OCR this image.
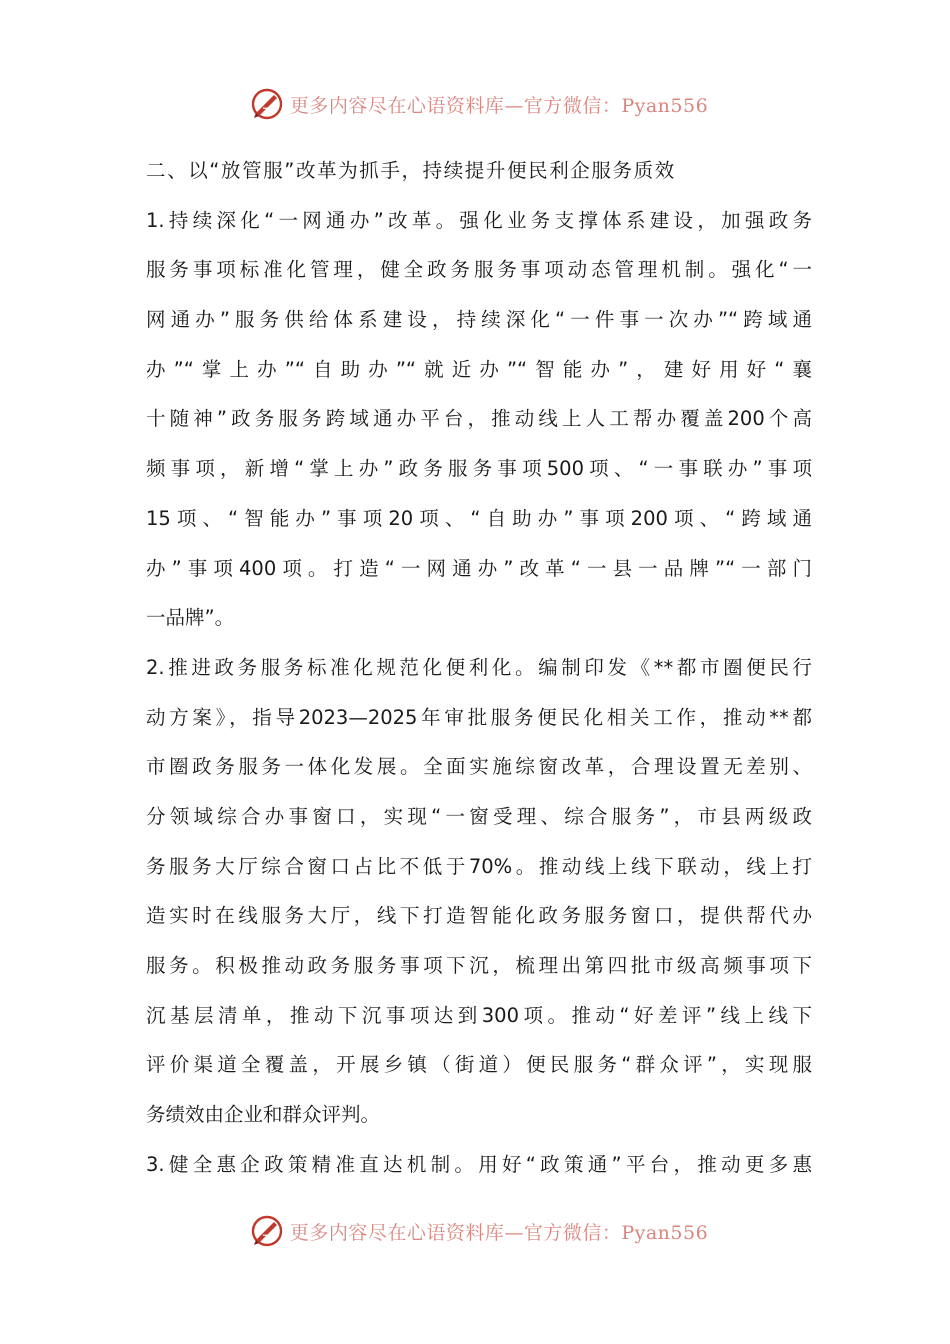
更多内容尽在心语资料库—官方微信：Pyan556
二、以“放管服”改革为抓手，持续提升便民利企服务质效
1.持续深化“一网通办”改革。强化业务支撑体系建设，加强政务
服务事项标准化管理，健全政务服务事项动态管理机制。强化“一
网通办”服务供给体系建设，持续深化“一件事一次办”“跨域通
办”“掌上办”“自助办”“就近办”“智能办”，建好用好“襄
十随神”政务服务跨域通办平台，推动线上人工帮办覆盖200个高
频事项，新增“掌上办”政务服务事项500项、“一事联办”事项
15项、“智能办”事项20项、“自助办”事项200项、“跨域通
办”事项400项。打造“一网通办”改革“一县一品牌”“一部门
一品牌”。
2.推进政务服务标准化规范化便利化。编制印发《**都市圈便民行
动方案》，指导2023—2025年审批服务便民化相关工作，推动**都
市圈政务服务一体化发展。全面实施综窗改革，合理设置无差别、
分领域综合办事窗口，实现“一窗受理、综合服务”，市县两级政
务服务大厅综合窗口占比不低于70%。推动线上线下联动，线上打
造实时在线服务大厅，线下打造智能化政务服务窗口，提供帮代办
服务。积极推动政务服务事项下沉，梳理出第四批市级高频事项下
沉基层清单，推动下沉事项达到300项。推动“好差评”线上线下
评价渠道全覆盖，开展乡镇（街道）便民服务“群众评”，实现服
务绩效由企业和群众评判。
3.健全惠企政策精准直达机制。用好“政策通”平台，推动更多惠
更多内容尽在心语资料库—官方微信：Pyan556
